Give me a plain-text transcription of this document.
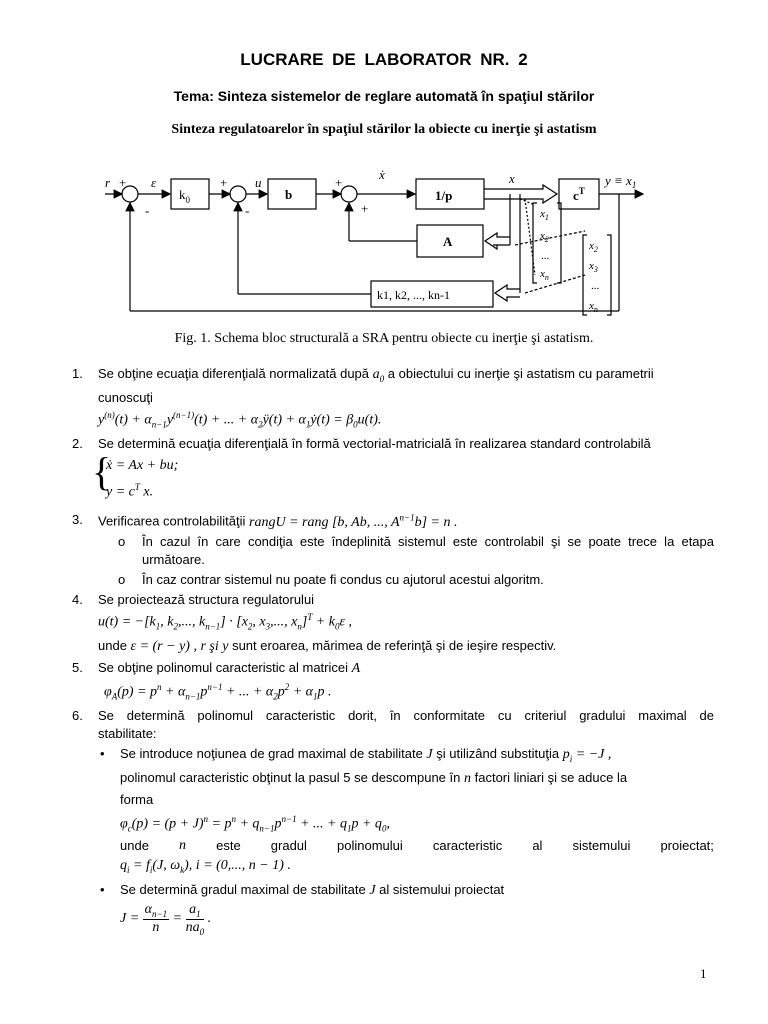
LUCRARE DE LABORATOR NR. 2
Tema: Sinteza sistemelor de reglare automată în spaţiul stărilor
Sinteza regulatoarelor în spaţiul stărilor la obiecte cu inerţie şi astatism
r +
-
ε
$k_0$
+
-
u
b
+
+
ẋ
1/p
x
$c^T$
$y \equiv x_1$
A
k1, k2, ..., kn-1
$x_1$
$x_2$
...
$x_n$
$x_2$
$x_3$
...
$x_n$
Fig. 1. Schema bloc structurală a SRA pentru obiecte cu inerţie şi astatism.
1. Se obţine ecuaţia diferenţială normalizată după $a_0$ a obiectului cu inerţie şi astatism cu parametrii
cunoscuţi
$y^{(n)}(t) + \alpha_{n-1}y^{(n-1)}(t)$ + ... + $\alpha_2ÿ(t)$ + $\alpha_1ẏ(t) = \beta_0u(t)$.
2. Se determină ecuaţia diferenţială în formă vectorial-matricială în realizarea standard controlabilă
{
ẋ = Ax + bu;
$y = c^T$ x.
3. Verificarea controlabilităţii rangU = rang [b, Ab, ..., $A^{n-1}b] = n$ .
o În cazul în care condiţia este îndeplinită sistemul este controlabil şi se poate trece la etapa
următoare.
o În caz contrar sistemul nu poate fi condus cu ajutorul acestui algoritm.
4. Se proiectează structura regulatorului
$u(t) = -[k_1$, $k_2$,..., $k_{n-1}] \cdot [x_2$, $x_3$,..., $x_n]^T + k_0\varepsilon$ ,
unde ε = (r − y) , r şi y sunt eroarea, mărimea de referinţă şi de ieşire respectiv.
5. Se obţine polinomul caracteristic al matricei A
$\varphi_A(p) = p^n + \alpha_{n-1}p^{n-1}$ + ... + $\alpha_2p^2 + \alpha_1p$ .
6. Se determină polinomul caracteristic dorit, în conformitate cu criteriul gradului maximal de
stabilitate:
• Se introduce noţiunea de grad maximal de stabilitate J şi utilizând substituţia $p_i = -J$ ,
polinomul caracteristic obţinut la pasul 5 se descompune în n factori liniari şi se aduce la
forma
$\varphi_c(p) = (p + J)^n = p^n + q_{n-1}p^{n-1}$ + ... + $q_1p + q_0$,
unde n este gradul polinomului caracteristic al sistemului proiectat;
$q_i = f_i(J$, $\omega_k$), i = (0,..., n − 1) .
• Se determină gradul maximal de stabilitate J al sistemului proiectat
$J = \frac{\alpha_{n-1}}{n} = \frac{a_1}{na_0}$ .
1
